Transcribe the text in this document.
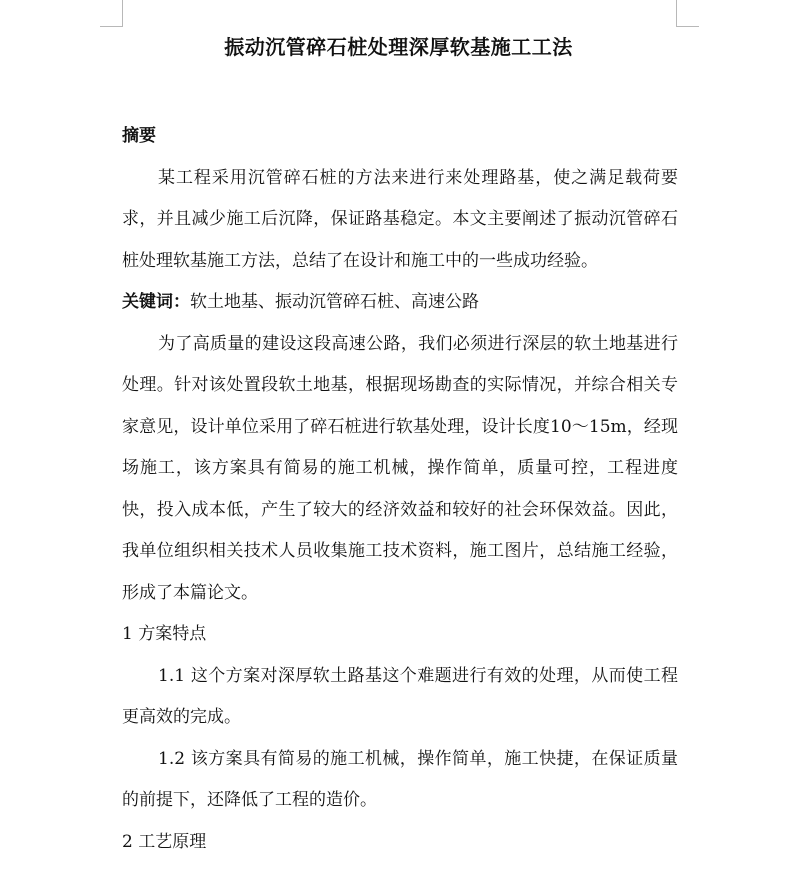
振动沉管碎石桩处理深厚软基施工工法

摘要

某工程采用沉管碎石桩的方法来进行来处理路基，使之满足载荷要求，并且减少施工后沉降，保证路基稳定。本文主要阐述了振动沉管碎石桩处理软基施工方法，总结了在设计和施工中的一些成功经验。

关键词：软土地基、振动沉管碎石桩、高速公路

为了高质量的建设这段高速公路，我们必须进行深层的软土地基进行处理。针对该处置段软土地基，根据现场勘查的实际情况，并综合相关专家意见，设计单位采用了碎石桩进行软基处理，设计长度10～15m，经现场施工，该方案具有简易的施工机械，操作简单，质量可控，工程进度快，投入成本低，产生了较大的经济效益和较好的社会环保效益。因此，我单位组织相关技术人员收集施工技术资料，施工图片，总结施工经验，形成了本篇论文。

1 方案特点

1.1 这个方案对深厚软土路基这个难题进行有效的处理，从而使工程更高效的完成。

1.2 该方案具有简易的施工机械，操作简单，施工快捷，在保证质量的前提下，还降低了工程的造价。

2 工艺原理
